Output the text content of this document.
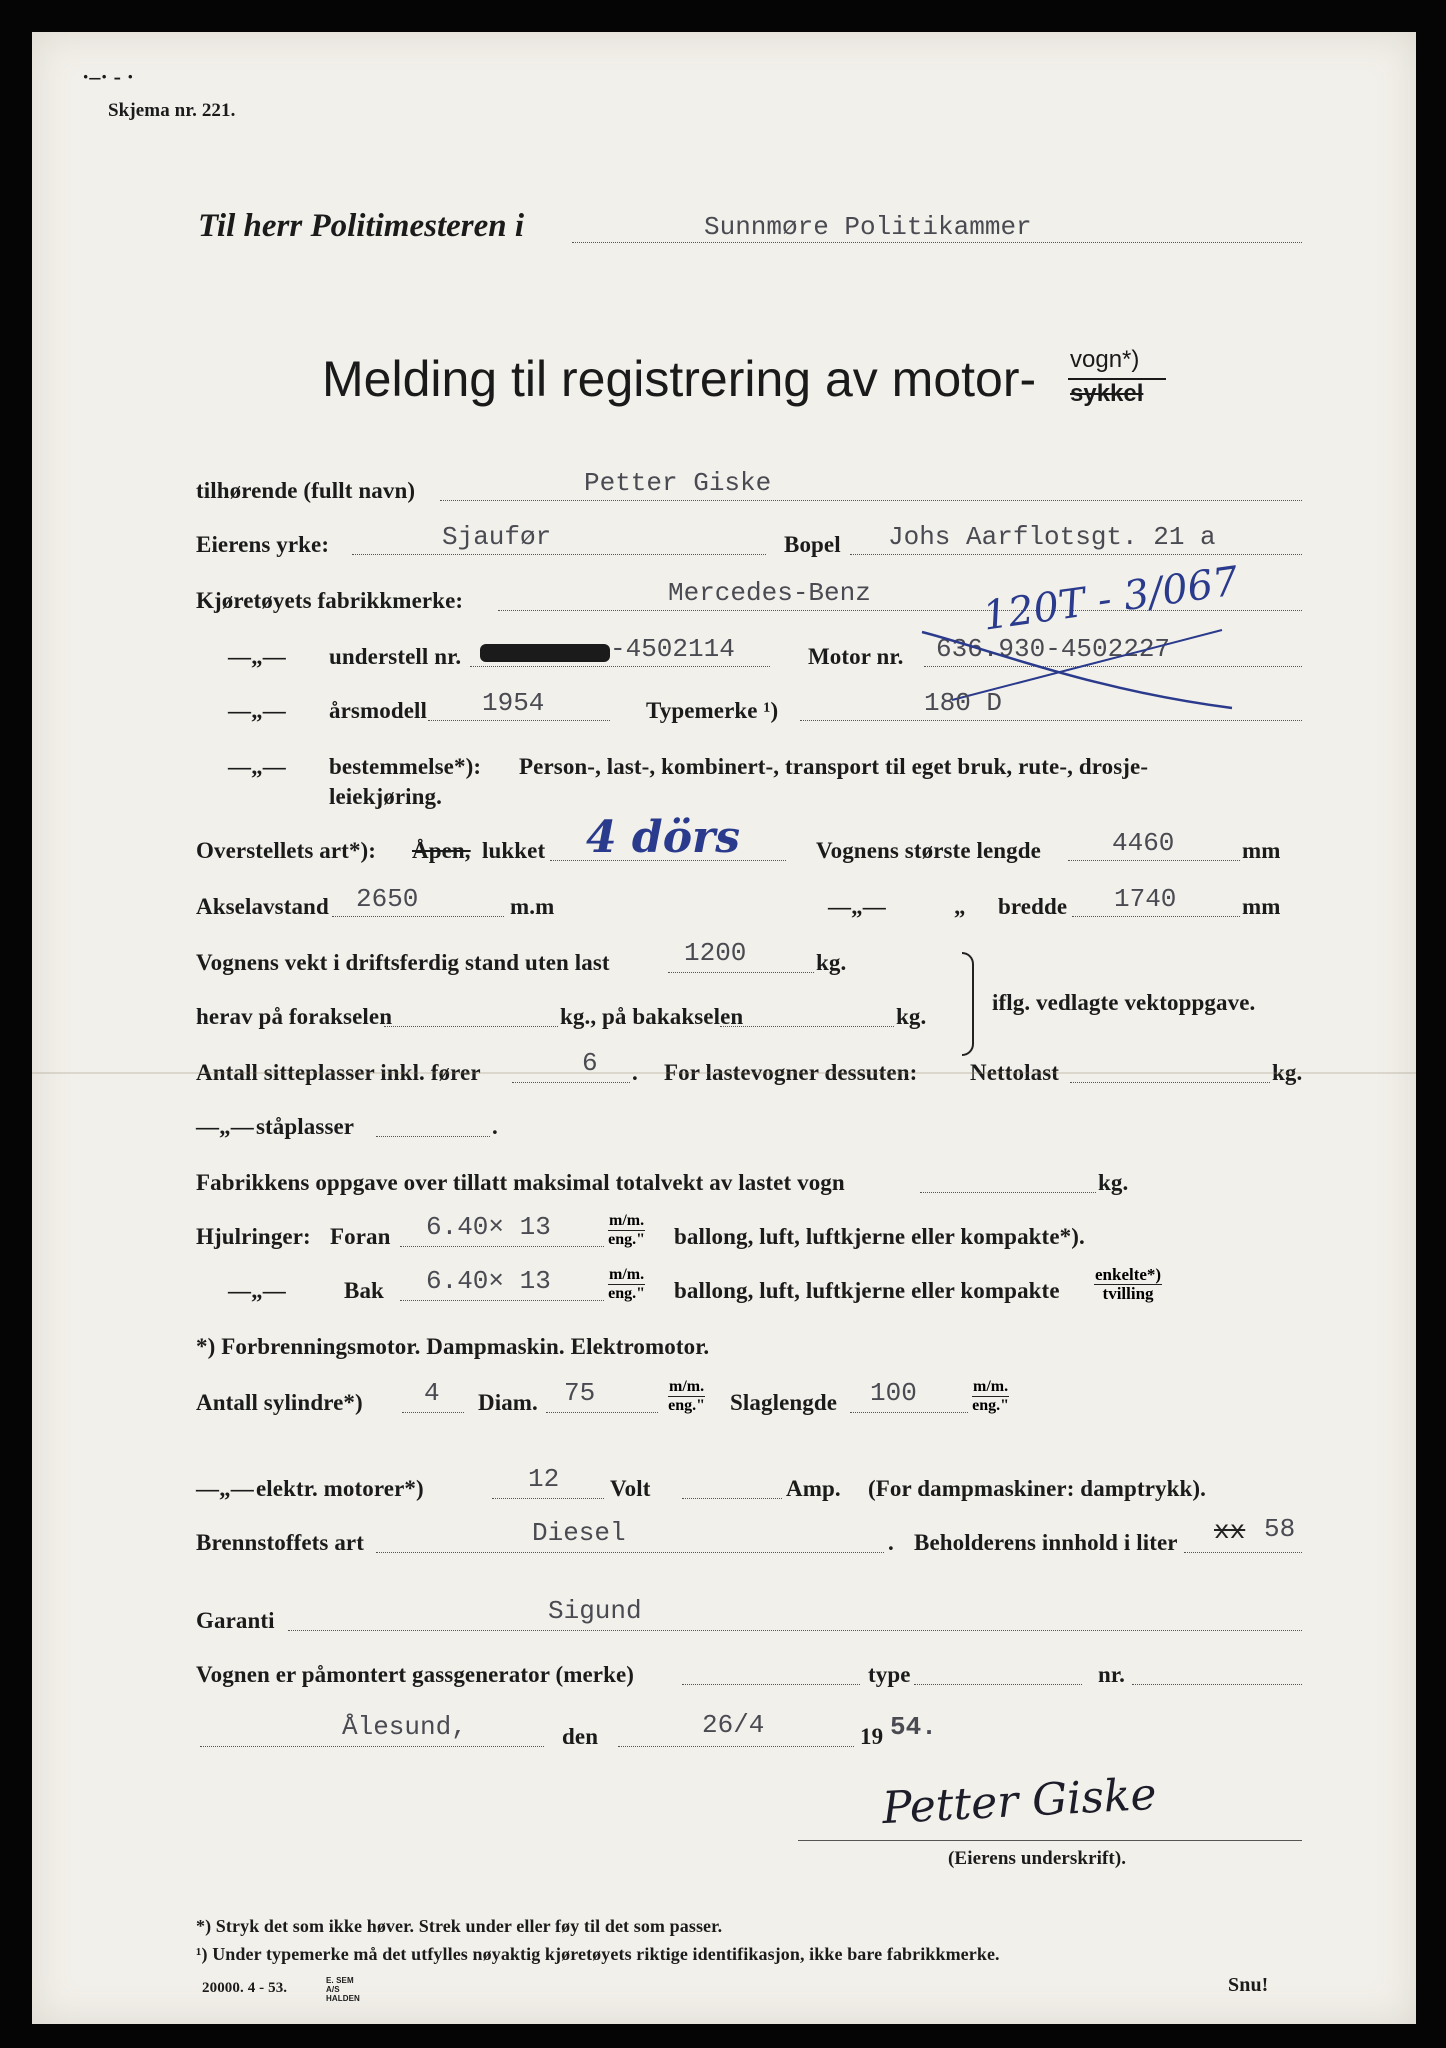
·–· - ·
Skjema nr. 221.
Til herr Politimesteren i	Sunnmøre Politikammer
Melding til registrering av motor- vogn*)
sykkel
tilhørende (fullt navn)	Petter Giske
Eierens yrke:	Sjaufør	Bopel Johs Aarflotsgt. 21 a
Kjøretøyets fabrikkmerke:	Mercedes-Benz	120T - 3/067
—„— understell nr.	-4502114	Motor nr. 636.930-4502227
—„— årsmodell 1954	Typemerke ¹)	180 D
—„— bestemmelse*): Person-, last-, kombinert-, transport til eget bruk, rute-, drosje-
leiekjøring.
Overstellets art*): Åpen, lukket 4 dörs	Vognens største lengde	4460	mm
Akselavstand 2650	m.m	—„—	„ bredde 1740	mm
Vognens vekt i driftsferdig stand uten last	1200	kg.
iflg. vedlagte vektoppgave.
herav på forakselen	kg., på bakakselen	kg.
Antall sitteplasser inkl. fører	6 . For lastevogner dessuten: Nettolast	kg.
—„— ståplasser	.
Fabrikkens oppgave over tillatt maksimal totalvekt av lastet vogn	kg.
Hjulringer: Foran 6.40× 13	$\frac{m/m.}{\text{eng."}}$ ballong, luft, luftkjerne eller kompakte*).
—„—	Bak 6.40× 13	$\frac{m/m.}{\text{eng."}}$ ballong, luft, luftkjerne eller kompakte $\frac{\text{enkelte*)}}{\text{tvilling}}$
*) Forbrenningsmotor. Dampmaskin. Elektromotor.
Antall sylindre*) 4 Diam. 75	$\frac{m/m.}{\text{eng."}}$ Slaglengde 100	$\frac{m/m.}{\text{eng."}}$
—„— elektr. motorer*)	12 Volt	Amp. (For dampmaskiner: damptrykk).
Brennstoffets art	Diesel	. Beholderens innhold i liter xx 58
Garanti	Sigund
Vognen er påmontert gassgenerator (merke)	type	nr.
Ålesund,	den	26/4	19 54.
Petter Giske
(Eierens underskrift).
*) Stryk det som ikke høver. Strek under eller føy til det som passer.
¹) Under typemerke må det utfylles nøyaktig kjøretøyets riktige identifikasjon, ikke bare fabrikkmerke.
20000. 4 - 53.	E. SEM A/S HALDEN
Snu!
